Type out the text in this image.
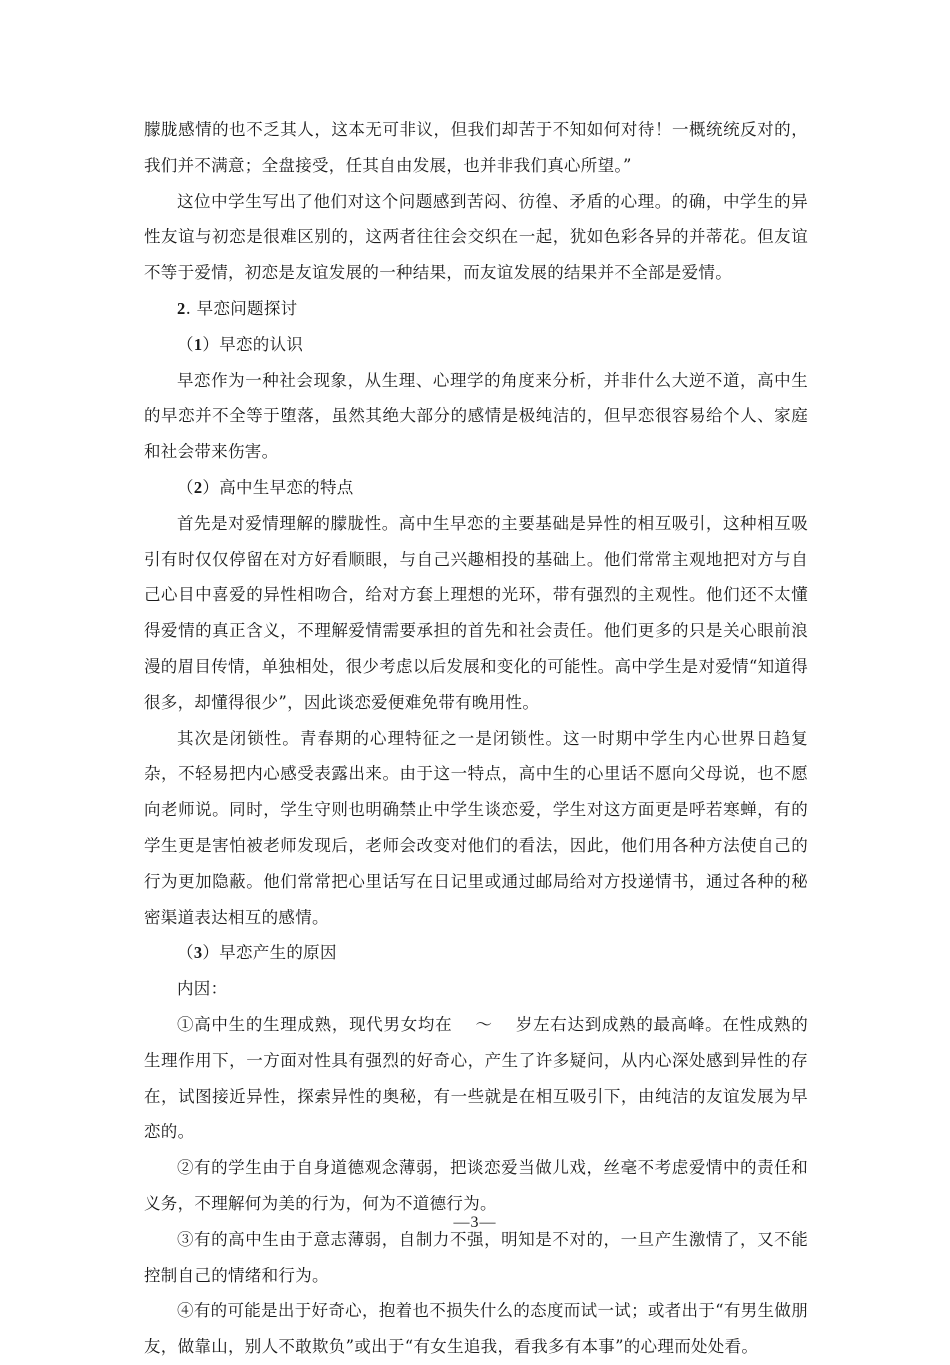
朦胧感情的也不乏其人，这本无可非议，但我们却苦于不知如何对待！一概统统反对的，我们并不满意；全盘接受，任其自由发展，也并非我们真心所望。”

这位中学生写出了他们对这个问题感到苦闷、彷徨、矛盾的心理。的确，中学生的异性友谊与初恋是很难区别的，这两者往往会交织在一起，犹如色彩各异的并蒂花。但友谊不等于爱情，初恋是友谊发展的一种结果，而友谊发展的结果并不全部是爱情。

2. 早恋问题探讨

（1）早恋的认识

早恋作为一种社会现象，从生理、心理学的角度来分析，并非什么大逆不道，高中生的早恋并不全等于堕落，虽然其绝大部分的感情是极纯洁的，但早恋很容易给个人、家庭和社会带来伤害。

（2）高中生早恋的特点

首先是对爱情理解的朦胧性。高中生早恋的主要基础是异性的相互吸引，这种相互吸引有时仅仅停留在对方好看顺眼，与自己兴趣相投的基础上。他们常常主观地把对方与自己心目中喜爱的异性相吻合，给对方套上理想的光环，带有强烈的主观性。他们还不太懂得爱情的真正含义，不理解爱情需要承担的首先和社会责任。他们更多的只是关心眼前浪漫的眉目传情，单独相处，很少考虑以后发展和变化的可能性。高中学生是对爱情“知道得很多，却懂得很少”，因此谈恋爱便难免带有晚用性。

其次是闭锁性。青春期的心理特征之一是闭锁性。这一时期中学生内心世界日趋复杂，不轻易把内心感受表露出来。由于这一特点，高中生的心里话不愿向父母说，也不愿向老师说。同时，学生守则也明确禁止中学生谈恋爱，学生对这方面更是呼若寒蝉，有的学生更是害怕被老师发现后，老师会改变对他们的看法，因此，他们用各种方法使自己的行为更加隐蔽。他们常常把心里话写在日记里或通过邮局给对方投递情书，通过各种的秘密渠道表达相互的感情。

（3）早恋产生的原因

内因：

①高中生的生理成熟，现代男女均在　 ～　 岁左右达到成熟的最高峰。在性成熟的生理作用下，一方面对性具有强烈的好奇心，产生了许多疑问，从内心深处感到异性的存在，试图接近异性，探索异性的奥秘，有一些就是在相互吸引下，由纯洁的友谊发展为早恋的。

②有的学生由于自身道德观念薄弱，把谈恋爱当做儿戏，丝毫不考虑爱情中的责任和义务，不理解何为美的行为，何为不道德行为。

③有的高中生由于意志薄弱，自制力不强，明知是不对的，一旦产生激情了，又不能控制自己的情绪和行为。

④有的可能是出于好奇心，抱着也不损失什么的态度而试一试；或者出于“有男生做朋友，做靠山，别人不敢欺负”或出于“有女生追我，看我多有本事”的心理而处处看。

—3—
